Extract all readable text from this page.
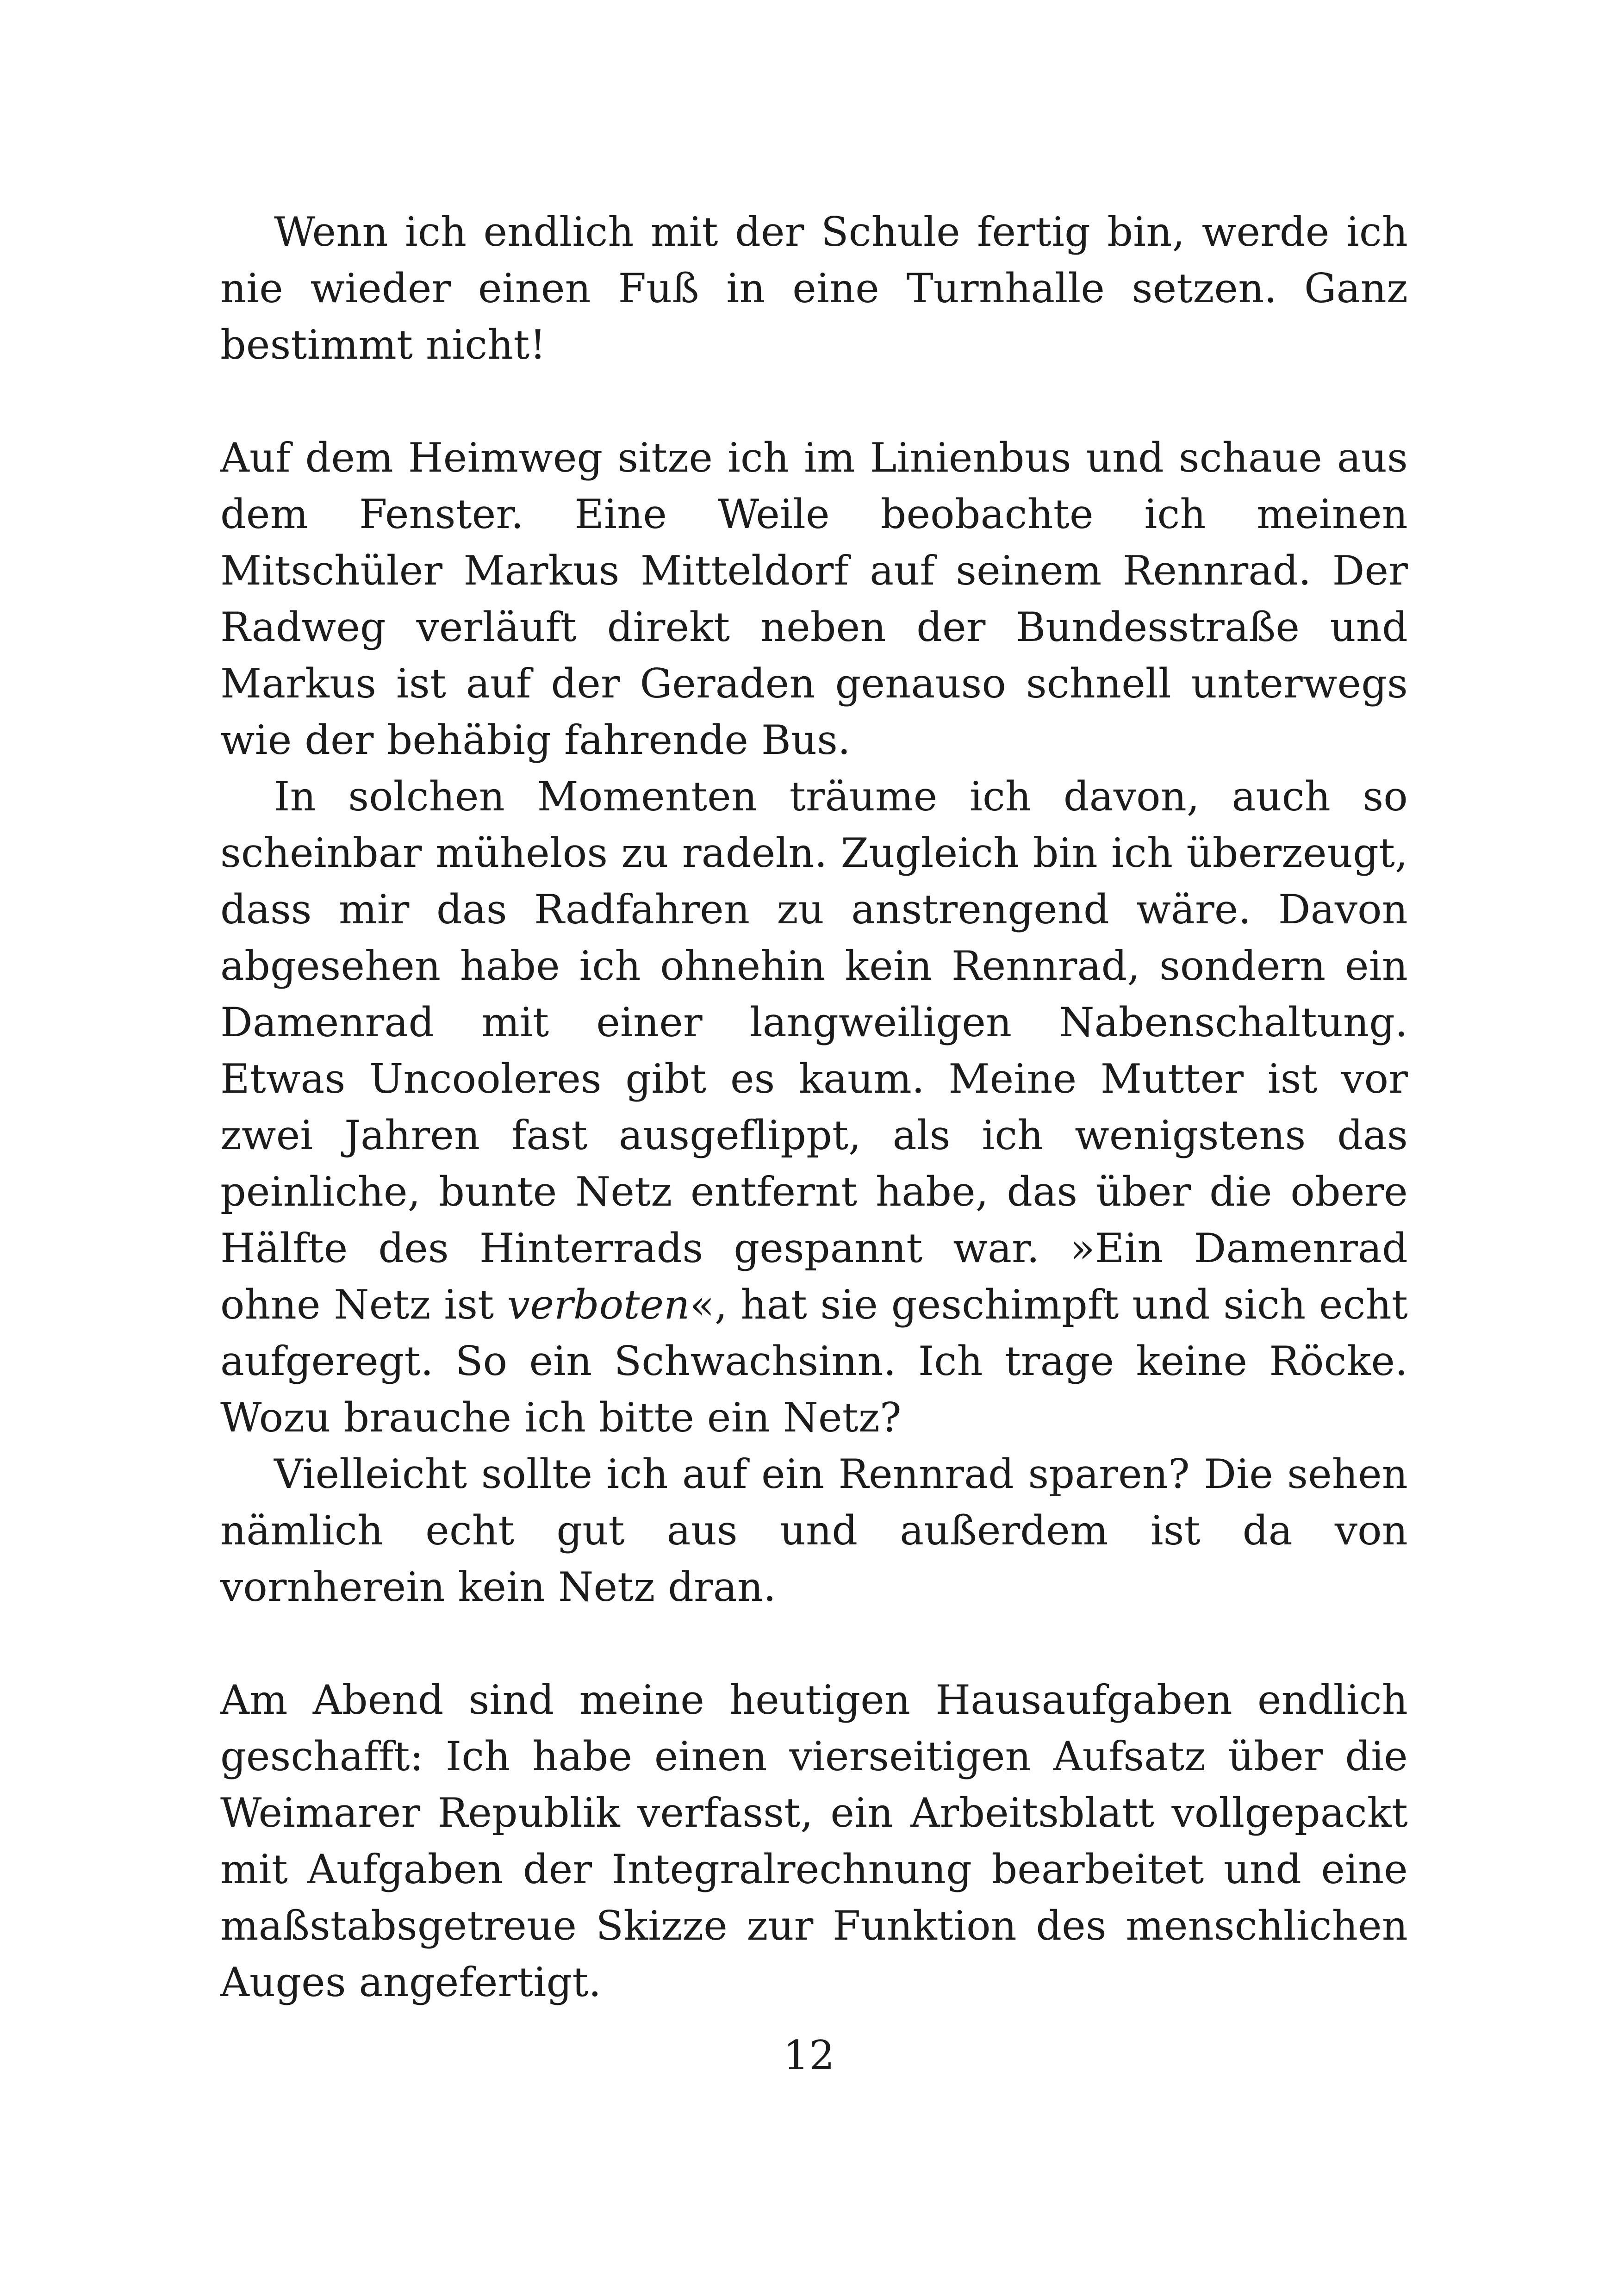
Wenn ich endlich mit der Schule fertig bin, werde ich nie wieder einen Fuß in eine Turnhalle setzen. Ganz bestimmt nicht!

Auf dem Heimweg sitze ich im Linienbus und schaue aus dem Fenster. Eine Weile beobachte ich meinen Mitschüler Markus Mitteldorf auf seinem Rennrad. Der Radweg verläuft direkt neben der Bundesstraße und Markus ist auf der Geraden genauso schnell unterwegs wie der behäbig fahrende Bus.

In solchen Momenten träume ich davon, auch so scheinbar mühelos zu radeln. Zugleich bin ich überzeugt, dass mir das Radfahren zu anstrengend wäre. Davon abgesehen habe ich ohnehin kein Rennrad, sondern ein Damenrad mit einer langweiligen Nabenschaltung. Etwas Uncooleres gibt es kaum. Meine Mutter ist vor zwei Jahren fast ausgeflippt, als ich wenigstens das peinliche, bunte Netz entfernt habe, das über die obere Hälfte des Hinterrads gespannt war. »Ein Damenrad ohne Netz ist verboten«, hat sie geschimpft und sich echt aufgeregt. So ein Schwachsinn. Ich trage keine Röcke. Wozu brauche ich bitte ein Netz?

Vielleicht sollte ich auf ein Rennrad sparen? Die sehen nämlich echt gut aus und außerdem ist da von vornherein kein Netz dran.

Am Abend sind meine heutigen Hausaufgaben endlich geschafft: Ich habe einen vierseitigen Aufsatz über die Weimarer Republik verfasst, ein Arbeitsblatt vollgepackt mit Aufgaben der Integralrechnung bearbeitet und eine maßstabsgetreue Skizze zur Funktion des menschlichen Auges angefertigt.

12
